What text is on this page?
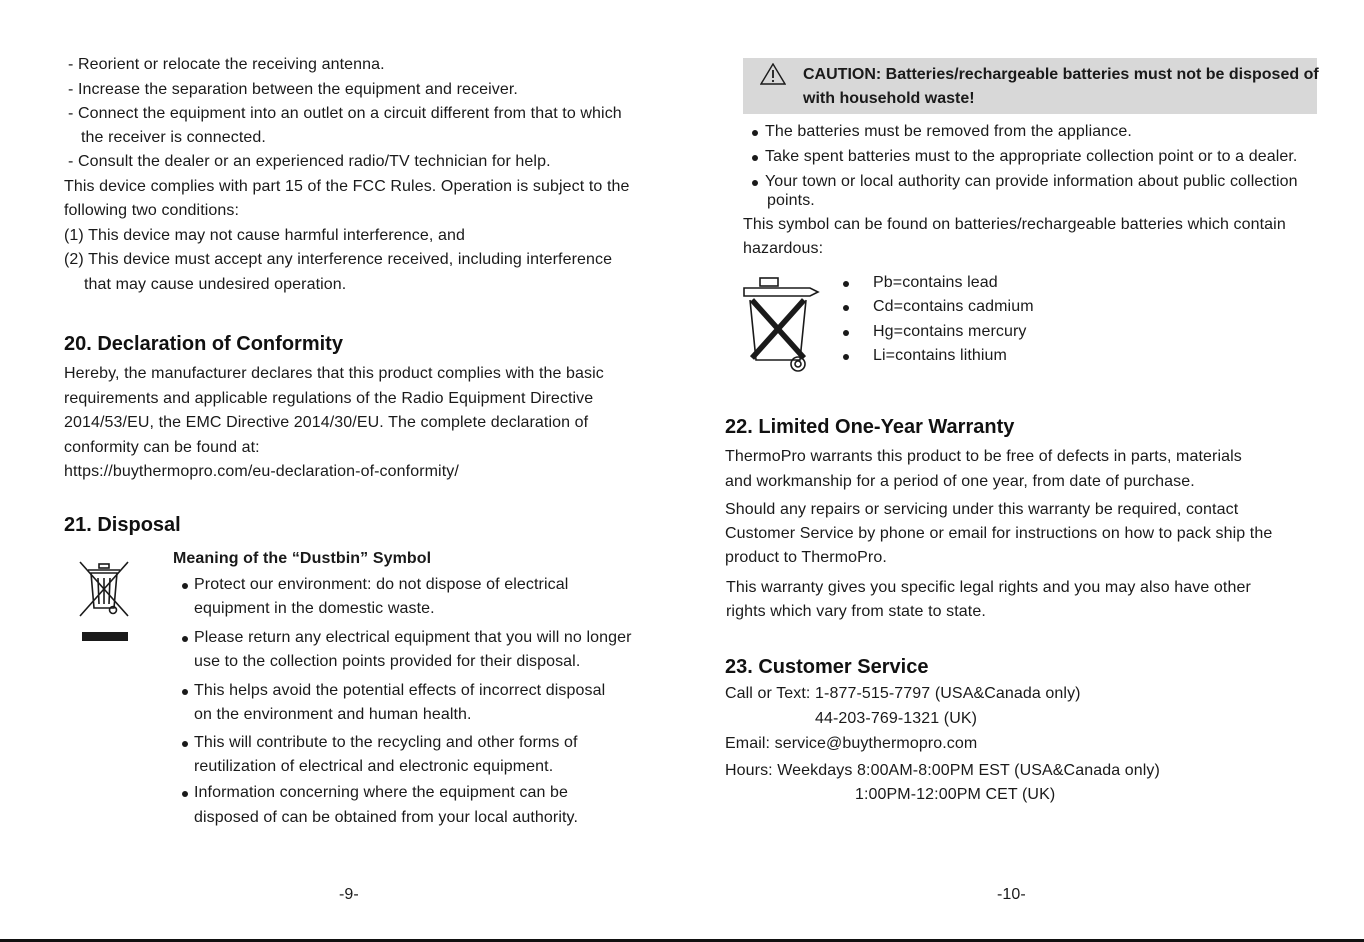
- Reorient or relocate the receiving antenna.
- Increase the separation between the equipment and receiver.
- Connect the equipment into an outlet on a circuit different from that to which
the receiver is connected.
- Consult the dealer or an experienced radio/TV technician for help.
This device complies with part 15 of the FCC Rules. Operation is subject to the
following two conditions:
(1) This device may not cause harmful interference, and
(2) This device must accept any interference received, including interference
that may cause undesired operation.
20. Declaration of Conformity
Hereby, the manufacturer declares that this product complies with the basic
requirements and applicable regulations of the Radio Equipment Directive
2014/53/EU, the EMC Directive 2014/30/EU. The complete declaration of
conformity can be found at:
https://buythermopro.com/eu-declaration-of-conformity/
21. Disposal
Meaning of the “Dustbin” Symbol
Protect our environment: do not dispose of electrical
equipment in the domestic waste.
Please return any electrical equipment that you will no longer
use to the collection points provided for their disposal.
This helps avoid the potential effects of incorrect disposal
on the environment and human health.
This will contribute to the recycling and other forms of
reutilization of electrical and electronic equipment.
Information concerning where the equipment can be
disposed of can be obtained from your local authority.
-9-
CAUTION: Batteries/rechargeable batteries must not be disposed of
with household waste!
The batteries must be removed from the appliance.
Take spent batteries must to the appropriate collection point or to a dealer.
Your town or local authority can provide information about public collection
points.
This symbol can be found on batteries/rechargeable batteries which contain
hazardous:
Pb=contains lead
Cd=contains cadmium
Hg=contains mercury
Li=contains lithium
22. Limited One-Year Warranty
ThermoPro warrants this product to be free of defects in parts, materials
and workmanship for a period of one year, from date of purchase.
Should any repairs or servicing under this warranty be required, contact
Customer Service by phone or email for instructions on how to pack ship the
product to ThermoPro.
This warranty gives you specific legal rights and you may also have other
rights which vary from state to state.
23. Customer Service
Call or Text: 1-877-515-7797 (USA&Canada only)
44-203-769-1321 (UK)
Email: service@buythermopro.com
Hours: Weekdays 8:00AM-8:00PM EST (USA&Canada only)
1:00PM-12:00PM CET (UK)
-10-
